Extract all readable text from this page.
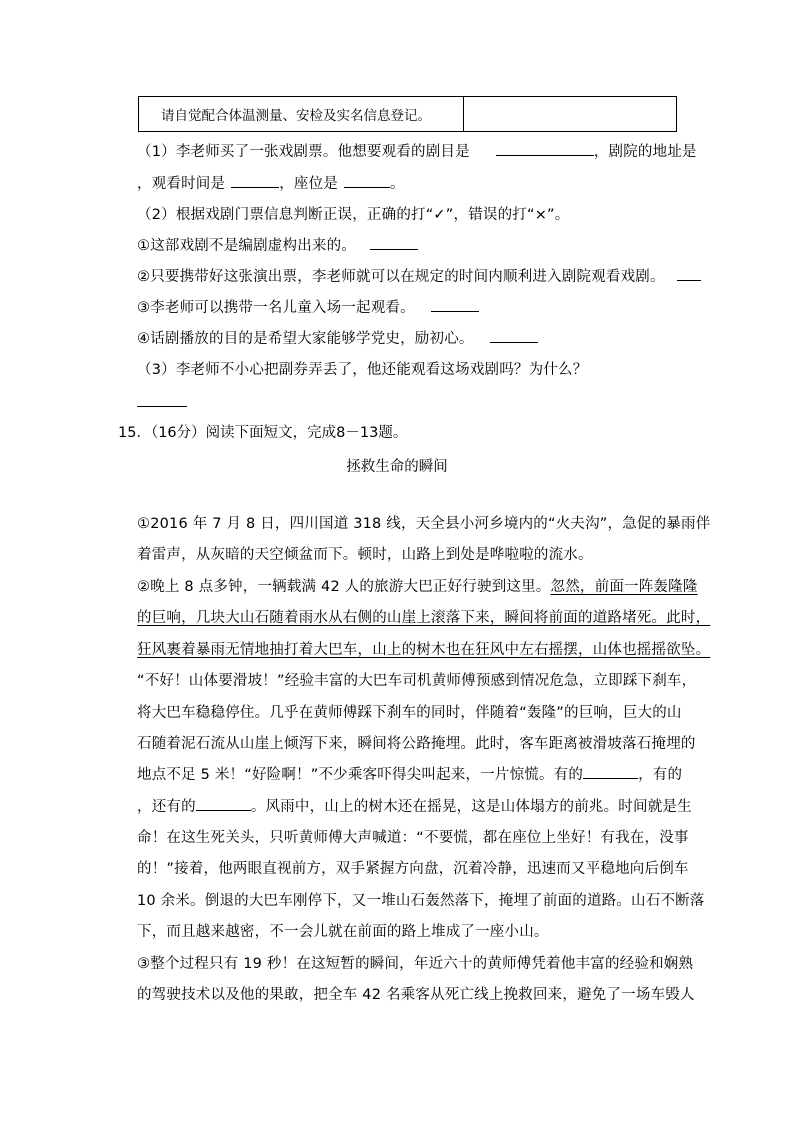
请自觉配合体温测量、安检及实名信息登记。	
（1）李老师买了一张戏剧票。他想要观看的剧目是	，剧院的地址是
，观看时间是	，座位是	。
（2）根据戏剧门票信息判断正误，正确的打“✓”，错误的打“×”。
①这部戏剧不是编剧虚构出来的。
②只要携带好这张演出票，李老师就可以在规定的时间内顺利进入剧院观看戏剧。
③李老师可以携带一名儿童入场一起观看。
④话剧播放的目的是希望大家能够学党史，励初心。
（3）李老师不小心把副券弄丢了，他还能观看这场戏剧吗？为什么？
15．（16分）阅读下面短文，完成8－13题。
拯救生命的瞬间
①2016 年 7 月 8 日，四川国道 318 线，天全县小河乡境内的“火夫沟”，急促的暴雨伴
着雷声，从灰暗的天空倾盆而下。顿时，山路上到处是哗啦啦的流水。
②晚上 8 点多钟，一辆载满 42 人的旅游大巴正好行驶到这里。忽然，前面一阵轰隆隆
的巨响，几块大山石随着雨水从右侧的山崖上滚落下来，瞬间将前面的道路堵死。此时，
狂风裹着暴雨无情地抽打着大巴车，山上的树木也在狂风中左右摇摆，山体也摇摇欲坠。
“不好！山体要滑坡！”经验丰富的大巴车司机黄师傅预感到情况危急，立即踩下刹车，
将大巴车稳稳停住。几乎在黄师傅踩下刹车的同时，伴随着“轰隆”的巨响，巨大的山
石随着泥石流从山崖上倾泻下来，瞬间将公路掩埋。此时，客车距离被滑坡落石掩埋的
地点不足 5 米！“好险啊！”不少乘客吓得尖叫起来，一片惊慌。有的	，有的
，还有的	。风雨中，山上的树木还在摇晃，这是山体塌方的前兆。时间就是生
命！在这生死关头，只听黄师傅大声喊道：“不要慌，都在座位上坐好！有我在，没事
的！”接着，他两眼直视前方，双手紧握方向盘，沉着冷静，迅速而又平稳地向后倒车
10 余米。倒退的大巴车刚停下，又一堆山石轰然落下，掩埋了前面的道路。山石不断落
下，而且越来越密，不一会儿就在前面的路上堆成了一座小山。
③整个过程只有 19 秒！在这短暂的瞬间，年近六十的黄师傅凭着他丰富的经验和娴熟
的驾驶技术以及他的果敢，把全车 42 名乘客从死亡线上挽救回来，避免了一场车毁人
